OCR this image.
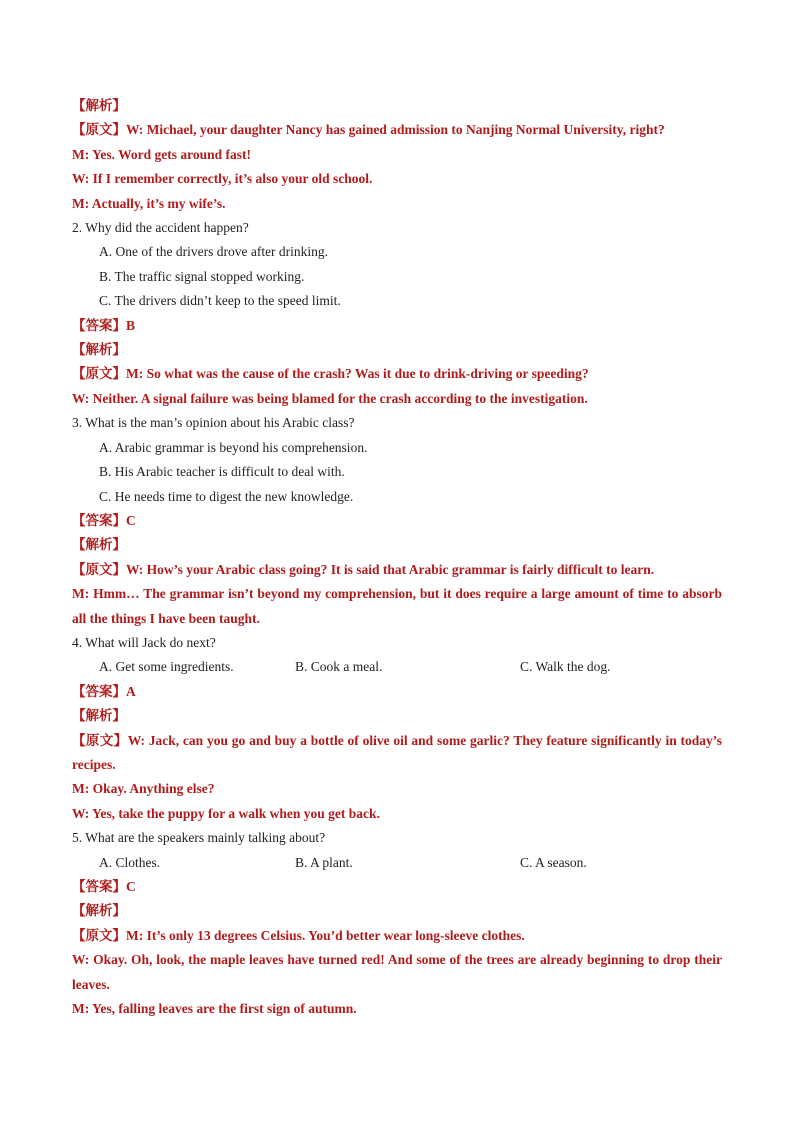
【解析】
【原文】W: Michael, your daughter Nancy has gained admission to Nanjing Normal University, right?
M: Yes. Word gets around fast!
W: If I remember correctly, it’s also your old school.
M: Actually, it’s my wife’s.
2. Why did the accident happen?
A. One of the drivers drove after drinking.
B. The traffic signal stopped working.
C. The drivers didn’t keep to the speed limit.
【答案】B
【解析】
【原文】M: So what was the cause of the crash? Was it due to drink-driving or speeding?
W: Neither. A signal failure was being blamed for the crash according to the investigation.
3. What is the man’s opinion about his Arabic class?
A. Arabic grammar is beyond his comprehension.
B. His Arabic teacher is difficult to deal with.
C. He needs time to digest the new knowledge.
【答案】C
【解析】
【原文】W: How’s your Arabic class going? It is said that Arabic grammar is fairly difficult to learn.
M: Hmm… The grammar isn’t beyond my comprehension, but it does require a large amount of time to absorb all the things I have been taught.
4. What will Jack do next?
A. Get some ingredients.	B. Cook a meal.	C. Walk the dog.
【答案】A
【解析】
【原文】W: Jack, can you go and buy a bottle of olive oil and some garlic? They feature significantly in today’s recipes.
M: Okay. Anything else?
W: Yes, take the puppy for a walk when you get back.
5. What are the speakers mainly talking about?
A. Clothes.	B. A plant.	C. A season.
【答案】C
【解析】
【原文】M: It’s only 13 degrees Celsius. You’d better wear long-sleeve clothes.
W: Okay. Oh, look, the maple leaves have turned red! And some of the trees are already beginning to drop their leaves.
M: Yes, falling leaves are the first sign of autumn.
